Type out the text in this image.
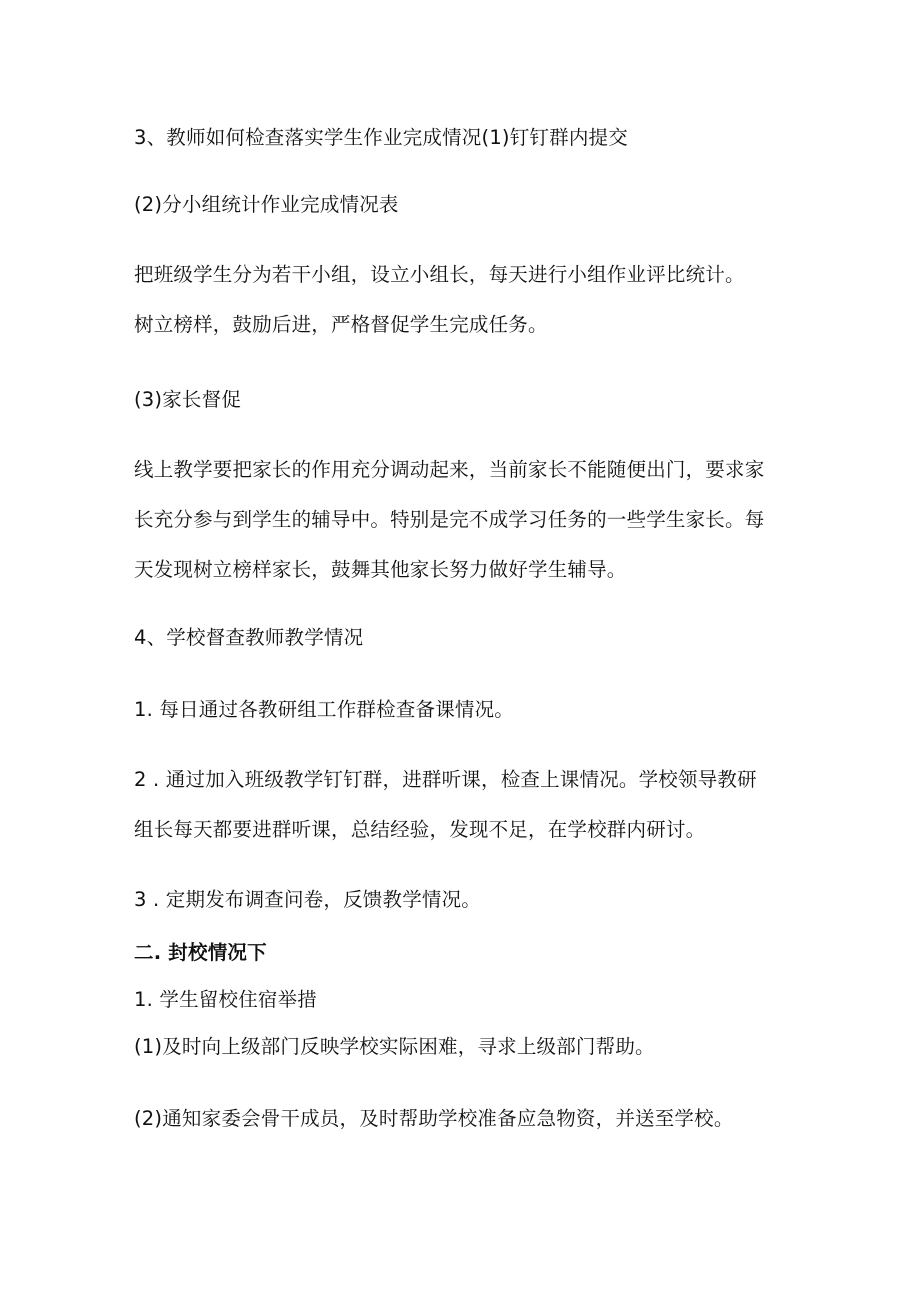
3、教师如何检查落实学生作业完成情况(1)钉钉群内提交
(2)分小组统计作业完成情况表
把班级学生分为若干小组，设立小组长，每天进行小组作业评比统计。
树立榜样，鼓励后进，严格督促学生完成任务。
(3)家长督促
线上教学要把家长的作用充分调动起来，当前家长不能随便出门，要求家
长充分参与到学生的辅导中。特别是完不成学习任务的一些学生家长。每
天发现树立榜样家长，鼓舞其他家长努力做好学生辅导。
4、学校督查教师教学情况
1. 每日通过各教研组工作群检查备课情况。
2 . 通过加入班级教学钉钉群，进群听课，检查上课情况。学校领导教研
组长每天都要进群听课，总结经验，发现不足，在学校群内研讨。
3 . 定期发布调查问卷，反馈教学情况。
二. 封校情况下
1. 学生留校住宿举措
(1)及时向上级部门反映学校实际困难，寻求上级部门帮助。
(2)通知家委会骨干成员，及时帮助学校准备应急物资，并送至学校。
